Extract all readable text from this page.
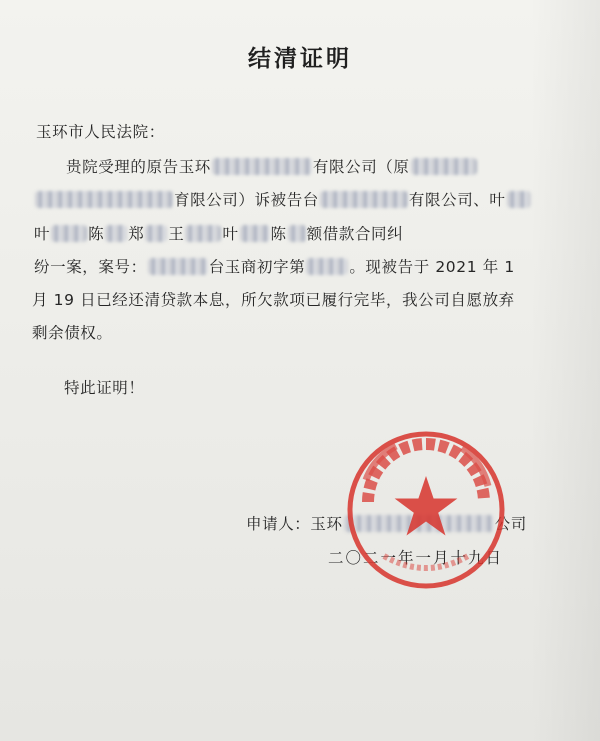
结清证明
玉环市人民法院：
贵院受理的原告玉环	有限公司（原
育限公司）诉被告台	有限公司、叶
叶 陈 郑 王 叶 陈 额借款合同纠
纷一案，案号：	台玉商初字第	。现被告于 2021 年 1
月 19 日已经还清贷款本息，所欠款项已履行完毕，我公司自愿放弃
剩余债权。
特此证明！
申请人：玉环	公司
二〇二一年一月十九日
